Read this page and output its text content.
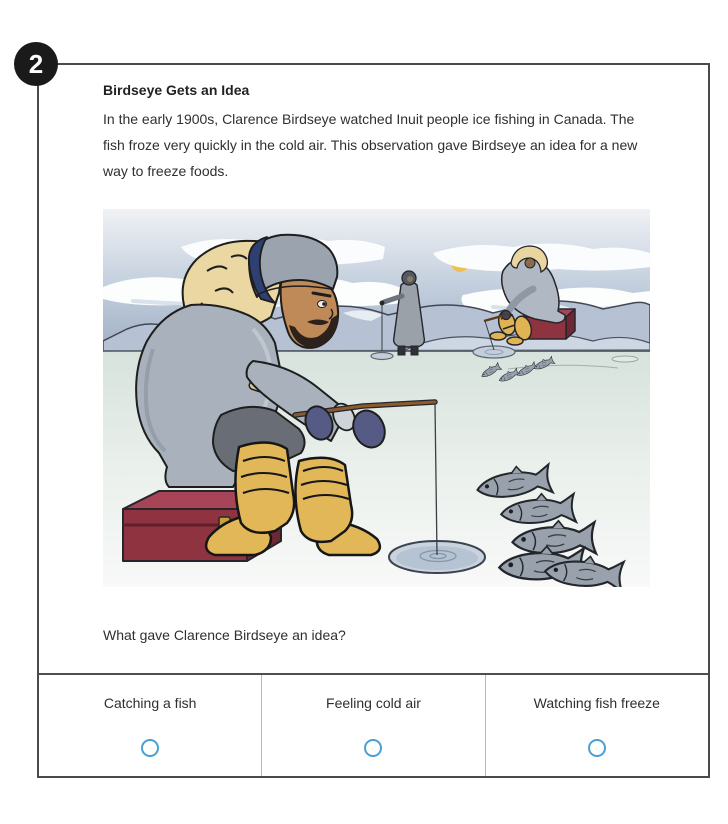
2
Birdseye Gets an Idea
In the early 1900s, Clarence Birdseye watched Inuit people ice fishing in Canada. The fish froze very quickly in the cold air. This observation gave Birdseye an idea for a new way to freeze foods.
What gave Clarence Birdseye an idea?
Catching a fish	Feeling cold air	Watching fish freeze
